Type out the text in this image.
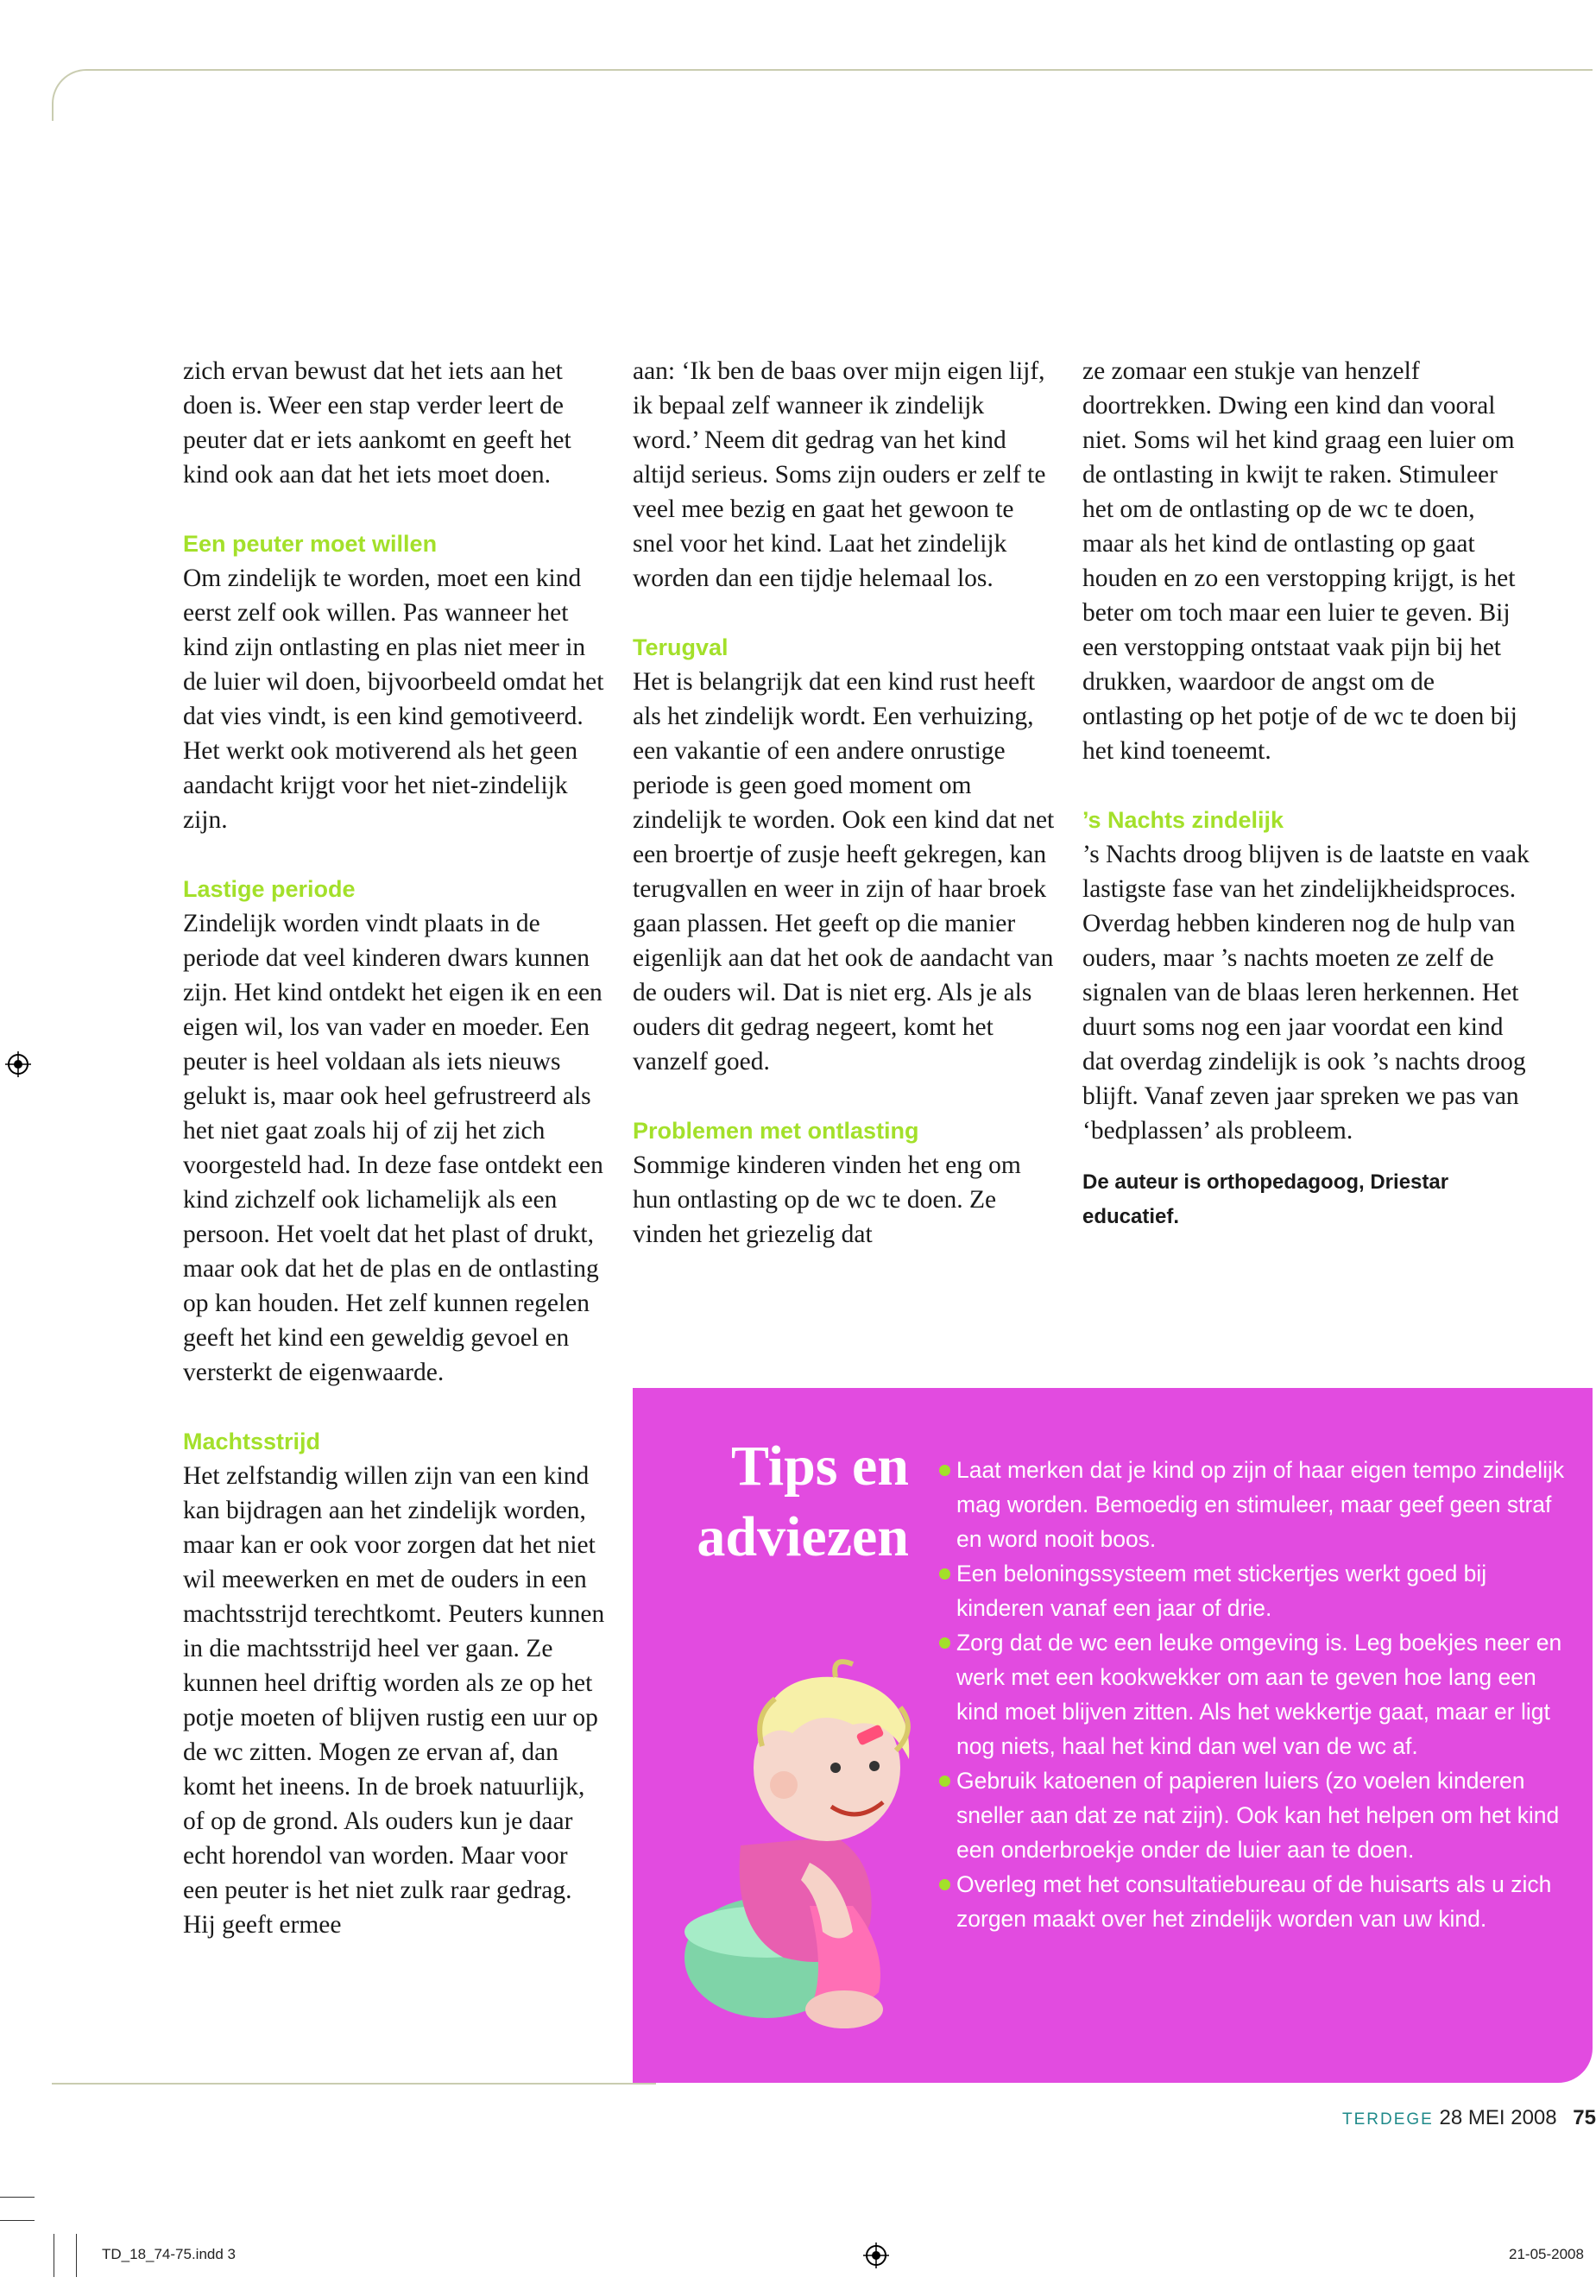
zich ervan bewust dat het iets aan het doen is. Weer een stap verder leert de peuter dat er iets aankomt en geeft het kind ook aan dat het iets moet doen.

Een peuter moet willen

Om zindelijk te worden, moet een kind eerst zelf ook willen. Pas wanneer het kind zijn ontlasting en plas niet meer in de luier wil doen, bijvoorbeeld omdat het dat vies vindt, is een kind gemotiveerd. Het werkt ook motiverend als het geen aandacht krijgt voor het niet-zindelijk zijn.

Lastige periode

Zindelijk worden vindt plaats in de periode dat veel kinderen dwars kunnen zijn. Het kind ontdekt het eigen ik en een eigen wil, los van vader en moeder. Een peuter is heel voldaan als iets nieuws gelukt is, maar ook heel gefrustreerd als het niet gaat zoals hij of zij het zich voorgesteld had. In deze fase ontdekt een kind zichzelf ook lichamelijk als een persoon. Het voelt dat het plast of drukt, maar ook dat het de plas en de ontlasting op kan houden. Het zelf kunnen regelen geeft het kind een geweldig gevoel en versterkt de eigenwaarde.

Machtsstrijd

Het zelfstandig willen zijn van een kind kan bijdragen aan het zindelijk worden, maar kan er ook voor zorgen dat het niet wil meewerken en met de ouders in een machtsstrijd terechtkomt. Peuters kunnen in die machtsstrijd heel ver gaan. Ze kunnen heel driftig worden als ze op het potje moeten of blijven rustig een uur op de wc zitten. Mogen ze ervan af, dan komt het ineens. In de broek natuurlijk, of op de grond. Als ouders kun je daar echt horendol van worden. Maar voor een peuter is het niet zulk raar gedrag. Hij geeft ermee

aan: ‘Ik ben de baas over mijn eigen lijf, ik bepaal zelf wanneer ik zindelijk word.’ Neem dit gedrag van het kind altijd serieus. Soms zijn ouders er zelf te veel mee bezig en gaat het gewoon te snel voor het kind. Laat het zindelijk worden dan een tijdje helemaal los.

Terugval

Het is belangrijk dat een kind rust heeft als het zindelijk wordt. Een verhuizing, een vakantie of een andere onrustige periode is geen goed moment om zindelijk te worden. Ook een kind dat net een broertje of zusje heeft gekregen, kan terugvallen en weer in zijn of haar broek gaan plassen. Het geeft op die manier eigenlijk aan dat het ook de aandacht van de ouders wil. Dat is niet erg. Als je als ouders dit gedrag negeert, komt het vanzelf goed.

Problemen met ontlasting

Sommige kinderen vinden het eng om hun ontlasting op de wc te doen. Ze vinden het griezelig dat

ze zomaar een stukje van henzelf doortrekken. Dwing een kind dan vooral niet. Soms wil het kind graag een luier om de ontlasting in kwijt te raken. Stimuleer het om de ontlasting op de wc te doen, maar als het kind de ontlasting op gaat houden en zo een verstopping krijgt, is het beter om toch maar een luier te geven. Bij een verstopping ontstaat vaak pijn bij het drukken, waardoor de angst om de ontlasting op het potje of de wc te doen bij het kind toeneemt.

’s Nachts zindelijk

’s Nachts droog blijven is de laatste en vaak lastigste fase van het zindelijkheidsproces. Overdag hebben kinderen nog de hulp van ouders, maar ’s nachts moeten ze zelf de signalen van de blaas leren herkennen. Het duurt soms nog een jaar voordat een kind dat overdag zindelijk is ook ’s nachts droog blijft. Vanaf zeven jaar spreken we pas van ‘bedplassen’ als probleem.

De auteur is orthopedagoog, Driestar educatief.
Tips en
adviezen
Laat merken dat je kind op zijn of haar eigen tempo zindelijk mag worden. Bemoedig en stimuleer, maar geef geen straf en word nooit boos.
Een beloningssysteem met stickertjes werkt goed bij kinderen vanaf een jaar of drie.
Zorg dat de wc een leuke omgeving is. Leg boekjes neer en werk met een kookwekker om aan te geven hoe lang een kind moet blijven zitten. Als het wekkertje gaat, maar er ligt nog niets, haal het kind dan wel van de wc af.
Gebruik katoenen of papieren luiers (zo voelen kinderen sneller aan dat ze nat zijn). Ook kan het helpen om het kind een onderbroekje onder de luier aan te doen.
Overleg met het consultatiebureau of de huisarts als u zich zorgen maakt over het zindelijk worden van uw kind.
TERDEGE 28 MEI 2008 75
TD_18_74-75.indd 3	21-05-2008
